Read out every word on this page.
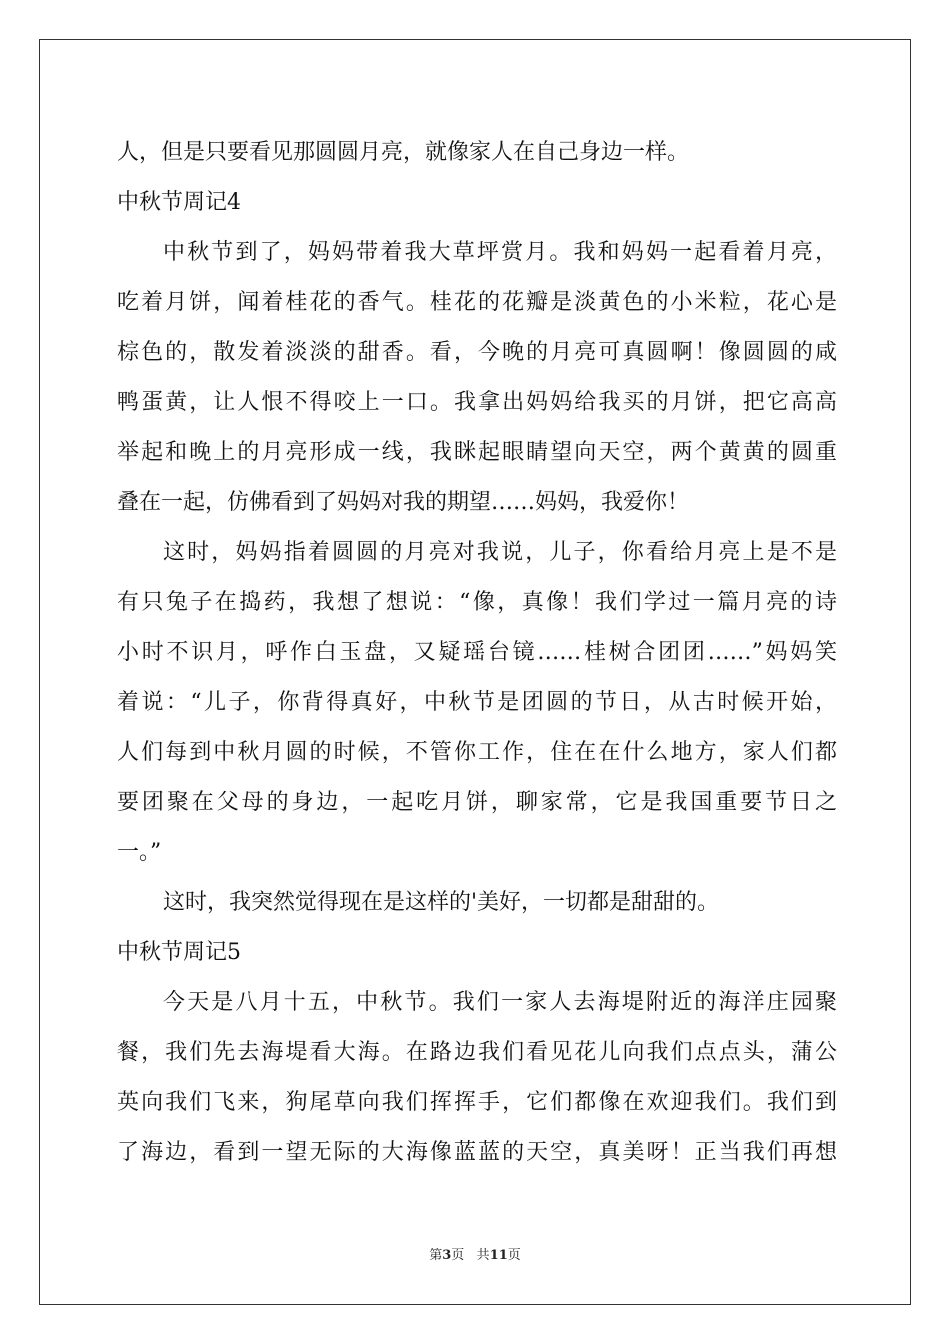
人，但是只要看见那圆圆月亮，就像家人在自己身边一样。
中秋节周记4
中秋节到了，妈妈带着我大草坪赏月。我和妈妈一起看着月亮，
吃着月饼，闻着桂花的香气。桂花的花瓣是淡黄色的小米粒，花心是
棕色的，散发着淡淡的甜香。看，今晚的月亮可真圆啊！像圆圆的咸
鸭蛋黄，让人恨不得咬上一口。我拿出妈妈给我买的月饼，把它高高
举起和晚上的月亮形成一线，我眯起眼睛望向天空，两个黄黄的圆重
叠在一起，仿佛看到了妈妈对我的期望……妈妈，我爱你！
这时，妈妈指着圆圆的月亮对我说，儿子，你看给月亮上是不是
有只兔子在捣药，我想了想说：“像，真像！我们学过一篇月亮的诗
小时不识月，呼作白玉盘，又疑瑶台镜……桂树合团团……”妈妈笑
着说：“儿子，你背得真好，中秋节是团圆的节日，从古时候开始，
人们每到中秋月圆的时候，不管你工作，住在在什么地方，家人们都
要团聚在父母的身边，一起吃月饼，聊家常，它是我国重要节日之
一。”
这时，我突然觉得现在是这样的'美好，一切都是甜甜的。
中秋节周记5
今天是八月十五，中秋节。我们一家人去海堤附近的海洋庄园聚
餐，我们先去海堤看大海。在路边我们看见花儿向我们点点头，蒲公
英向我们飞来，狗尾草向我们挥挥手，它们都像在欢迎我们。我们到
了海边，看到一望无际的大海像蓝蓝的天空，真美呀！正当我们再想
第3页 共11页
